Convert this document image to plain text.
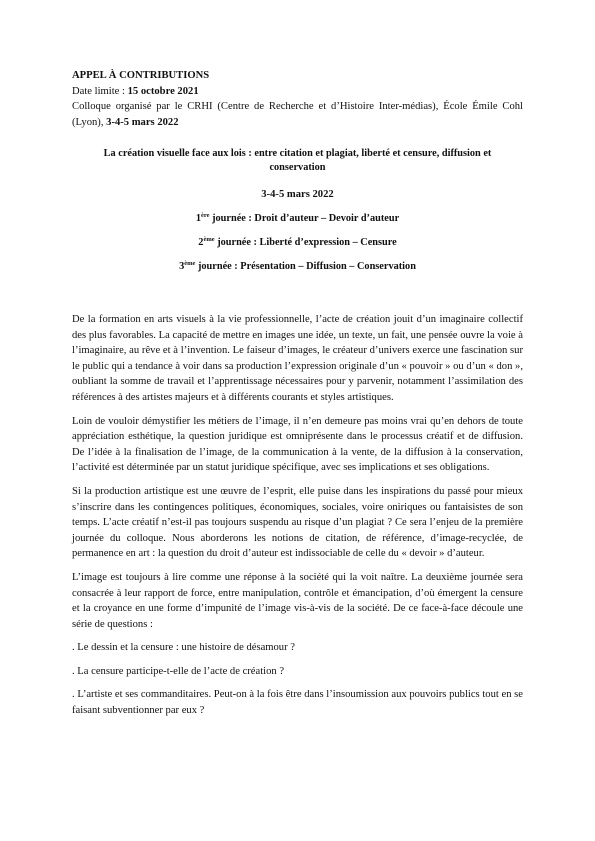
APPEL À CONTRIBUTIONS

Date limite : 15 octobre 2021

Colloque organisé par le CRHI (Centre de Recherche et d’Histoire Inter-médias), École Émile Cohl (Lyon), 3-4-5 mars 2022

La création visuelle face aux lois : entre citation et plagiat, liberté et censure, diffusion et conservation
3-4-5 mars 2022
1ère journée : Droit d’auteur – Devoir d’auteur
2ème journée : Liberté d’expression – Censure
3ème journée : Présentation – Diffusion – Conservation

De la formation en arts visuels à la vie professionnelle, l’acte de création jouit d’un imaginaire collectif des plus favorables. La capacité de mettre en images une idée, un texte, un fait, une pensée ouvre la voie à l’imaginaire, au rêve et à l’invention. Le faiseur d’images, le créateur d’univers exerce une fascination sur le public qui a tendance à voir dans sa production l’expression originale d’un « pouvoir » ou d’un « don », oubliant la somme de travail et l’apprentissage nécessaires pour y parvenir, notamment l’assimilation des références à des artistes majeurs et à différents courants et styles artistiques.

Loin de vouloir démystifier les métiers de l’image, il n’en demeure pas moins vrai qu’en dehors de toute appréciation esthétique, la question juridique est omniprésente dans le processus créatif et de diffusion. De l’idée à la finalisation de l’image, de la communication à la vente, de la diffusion à la conservation, l’activité est déterminée par un statut juridique spécifique, avec ses implications et ses obligations.

Si la production artistique est une œuvre de l’esprit, elle puise dans les inspirations du passé pour mieux s’inscrire dans les contingences politiques, économiques, sociales, voire oniriques ou fantaisistes de son temps. L’acte créatif n’est-il pas toujours suspendu au risque d’un plagiat ? Ce sera l’enjeu de la première journée du colloque. Nous aborderons les notions de citation, de référence, d’image-recyclée, de permanence en art : la question du droit d’auteur est indissociable de celle du « devoir » d’auteur.

L’image est toujours à lire comme une réponse à la société qui la voit naître. La deuxième journée sera consacrée à leur rapport de force, entre manipulation, contrôle et émancipation, d’où émergent la censure et la croyance en une forme d’impunité de l’image vis-à-vis de la société. De ce face-à-face découle une série de questions :

. Le dessin et la censure : une histoire de désamour ?

. La censure participe-t-elle de l’acte de création ?

. L’artiste et ses commanditaires. Peut-on à la fois être dans l’insoumission aux pouvoirs publics tout en se faisant subventionner par eux ?
